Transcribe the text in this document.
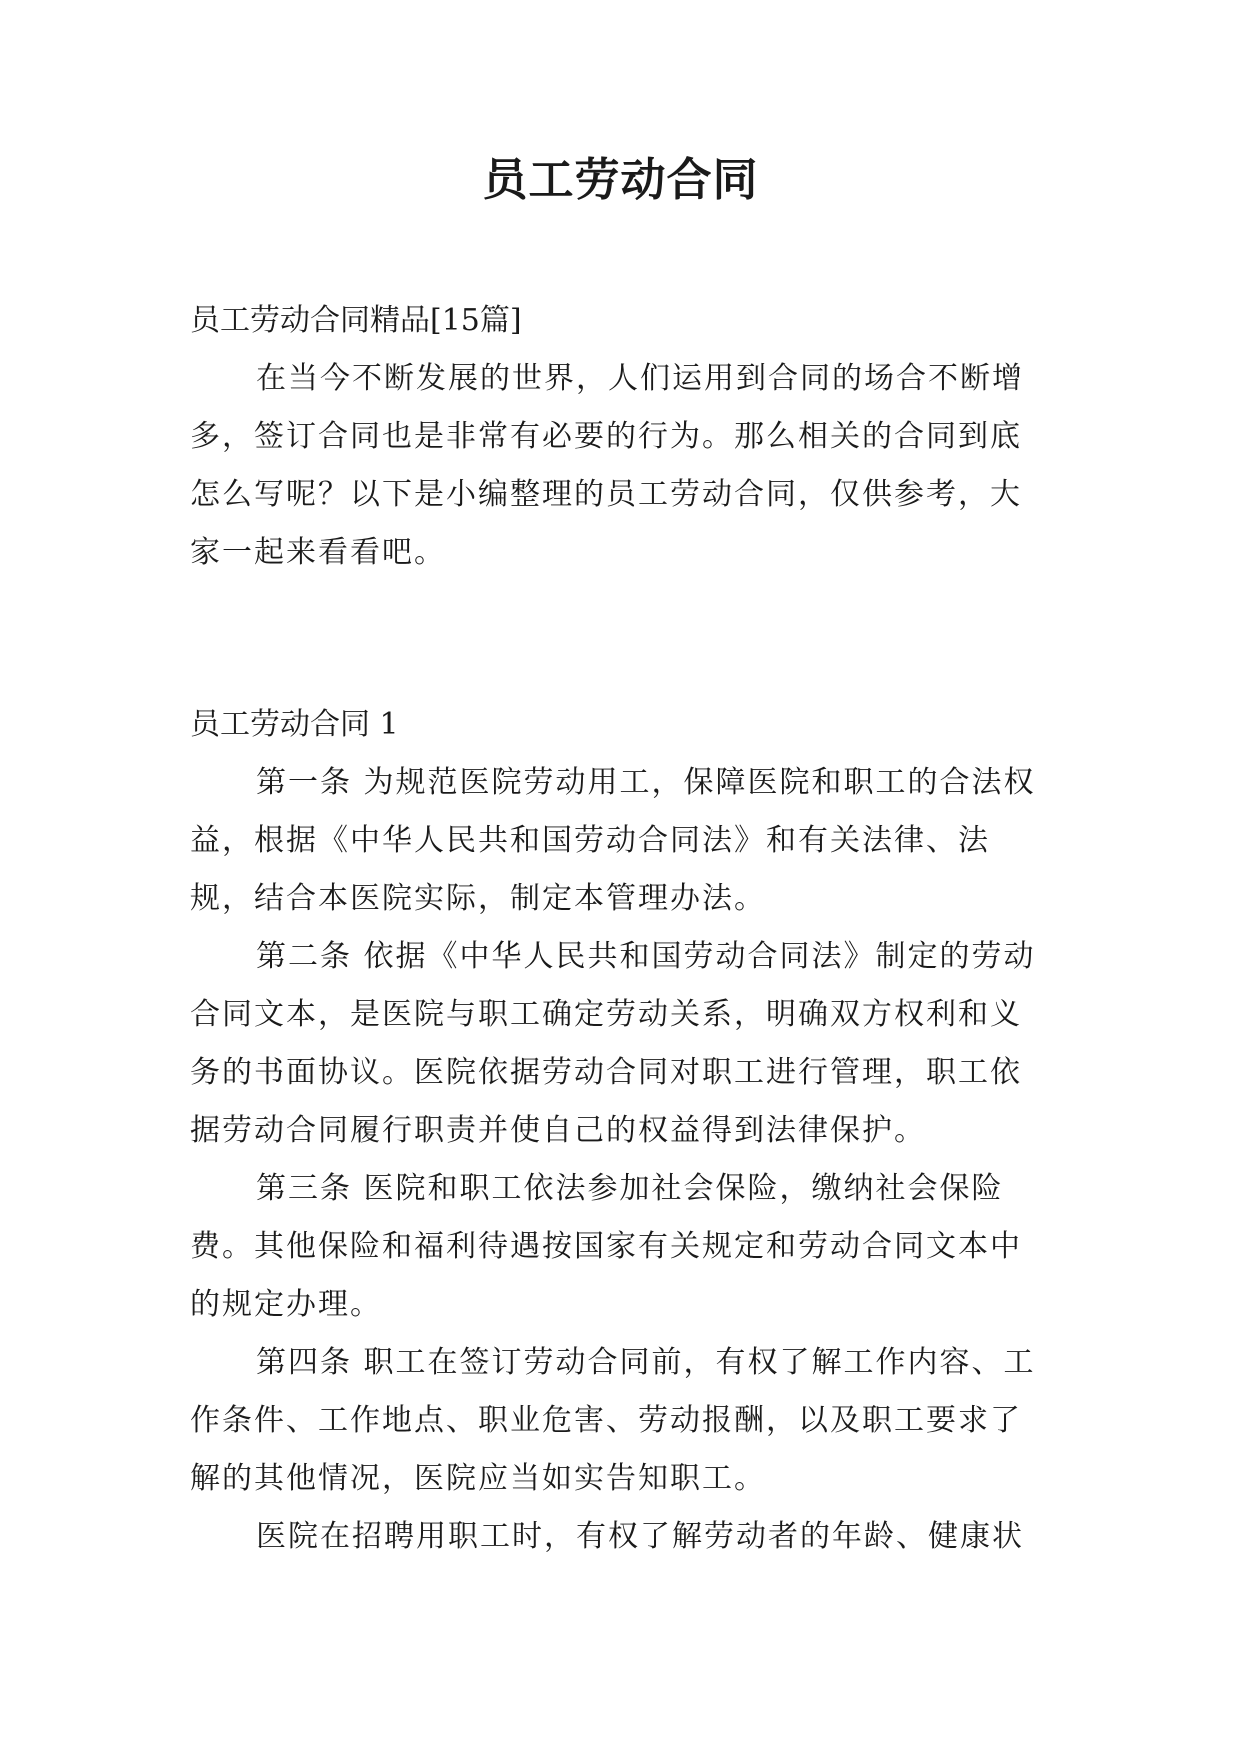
员工劳动合同

员工劳动合同精品[15篇]

在当今不断发展的世界，人们运用到合同的场合不断增多，签订合同也是非常有必要的行为。那么相关的合同到底怎么写呢？以下是小编整理的员工劳动合同，仅供参考，大家一起来看看吧。

员工劳动合同 1

第一条 为规范医院劳动用工，保障医院和职工的合法权益，根据《中华人民共和国劳动合同法》和有关法律、法规，结合本医院实际，制定本管理办法。

第二条 依据《中华人民共和国劳动合同法》制定的劳动合同文本，是医院与职工确定劳动关系，明确双方权利和义务的书面协议。医院依据劳动合同对职工进行管理，职工依据劳动合同履行职责并使自己的权益得到法律保护。

第三条 医院和职工依法参加社会保险，缴纳社会保险费。其他保险和福利待遇按国家有关规定和劳动合同文本中的规定办理。

第四条 职工在签订劳动合同前，有权了解工作内容、工作条件、工作地点、职业危害、劳动报酬，以及职工要求了解的其他情况，医院应当如实告知职工。

医院在招聘用职工时，有权了解劳动者的年龄、健康状
